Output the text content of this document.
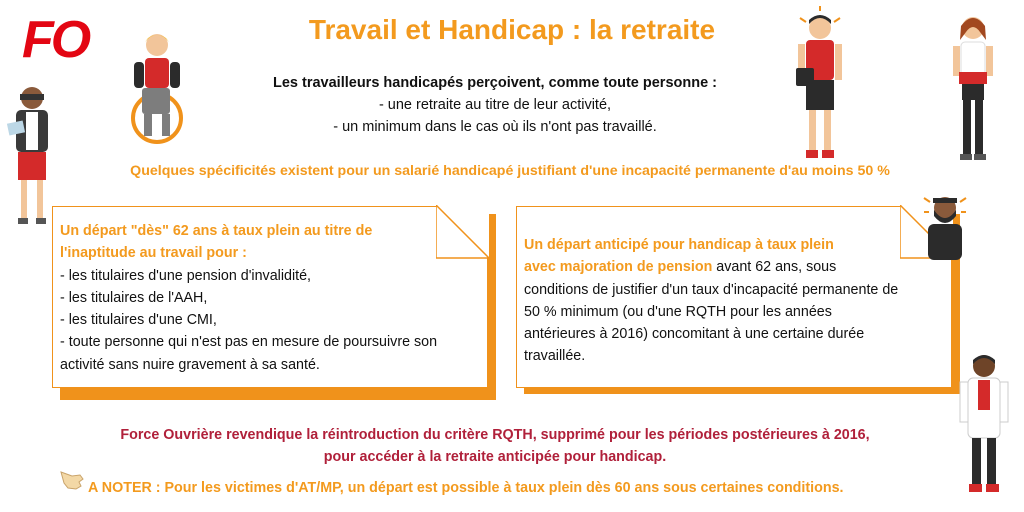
FO	Travail et Handicap : la retraite
Les travailleurs handicapés perçoivent, comme toute personne :
- une retraite au titre de leur activité,
- un minimum dans le cas où ils n'ont pas travaillé.
Quelques spécificités existent pour un salarié handicapé justifiant d'une incapacité permanente d'au moins 50 %
Un départ "dès" 62 ans à taux plein au titre de
l'inaptitude au travail pour :
- les titulaires d'une pension d'invalidité,
- les titulaires de l'AAH,
- les titulaires d'une CMI,
- toute personne qui n'est pas en mesure de poursuivre son
activité sans nuire gravement à sa santé.
Un départ anticipé pour handicap à taux plein
avec majoration de pension avant 62 ans, sous
conditions de justifier d'un taux d'incapacité permanente de
50 % minimum (ou d'une RQTH pour les années
antérieures à 2016) concomitant à une certaine durée
travaillée.
Force Ouvrière revendique la réintroduction du critère RQTH, supprimé pour les périodes postérieures à 2016,
pour accéder à la retraite anticipée pour handicap.
A NOTER : Pour les victimes d'AT/MP, un départ est possible à taux plein dès 60 ans sous certaines conditions.
